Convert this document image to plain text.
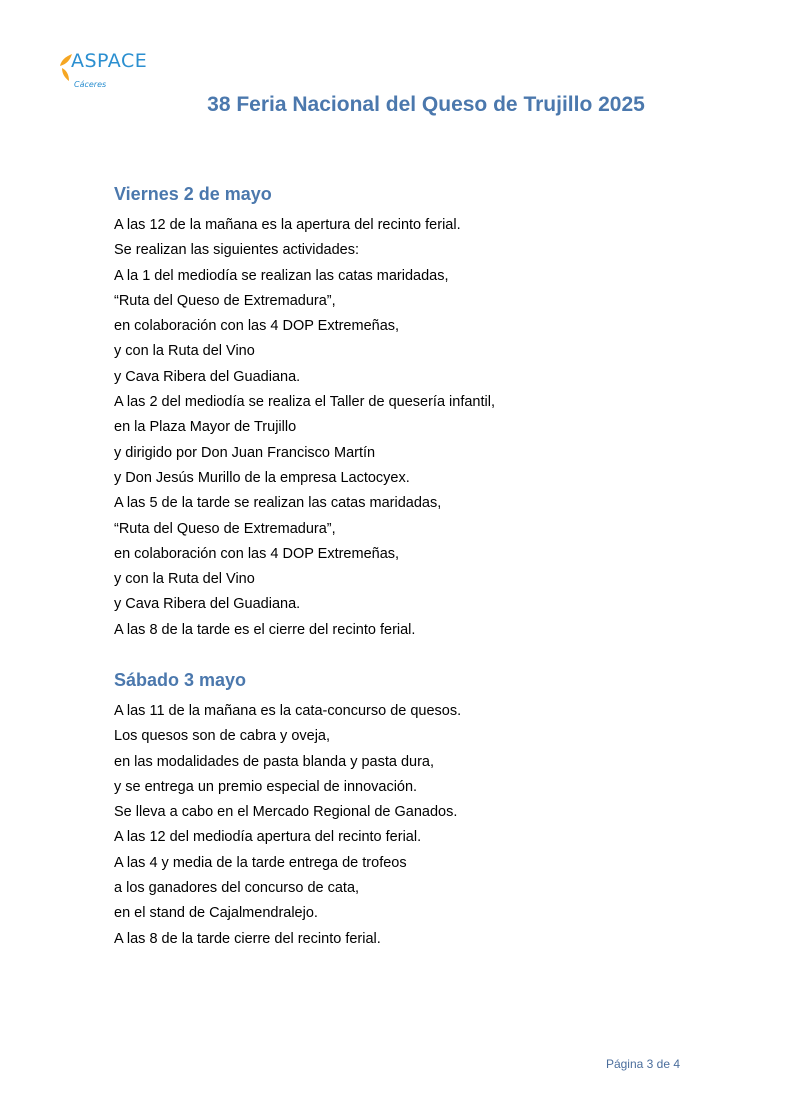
ASPACE
Cáceres
38 Feria Nacional del Queso de Trujillo 2025
Viernes 2 de mayo
A las 12 de la mañana es la apertura del recinto ferial.
Se realizan las siguientes actividades:
A la 1 del mediodía se realizan las catas maridadas,
“Ruta del Queso de Extremadura”,
en colaboración con las 4 DOP Extremeñas,
y con la Ruta del Vino
y Cava Ribera del Guadiana.
A las 2 del mediodía se realiza el Taller de quesería infantil,
en la Plaza Mayor de Trujillo
y dirigido por Don Juan Francisco Martín
y Don Jesús Murillo de la empresa Lactocyex.
A las 5 de la tarde se realizan las catas maridadas,
“Ruta del Queso de Extremadura”,
en colaboración con las 4 DOP Extremeñas,
y con la Ruta del Vino
y Cava Ribera del Guadiana.
A las 8 de la tarde es el cierre del recinto ferial.
Sábado 3 mayo
A las 11 de la mañana es la cata-concurso de quesos.
Los quesos son de cabra y oveja,
en las modalidades de pasta blanda y pasta dura,
y se entrega un premio especial de innovación.
Se lleva a cabo en el Mercado Regional de Ganados.
A las 12 del mediodía apertura del recinto ferial.
A las 4 y media de la tarde entrega de trofeos
a los ganadores del concurso de cata,
en el stand de Cajalmendralejo.
A las 8 de la tarde cierre del recinto ferial.
Página 3 de 4
